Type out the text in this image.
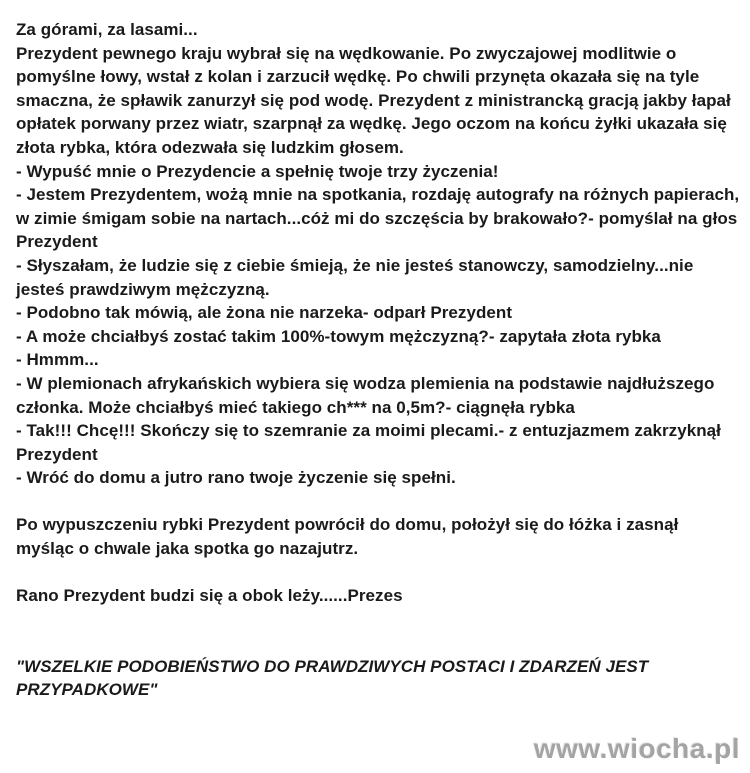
Za górami, za lasami...

Prezydent pewnego kraju wybrał się na wędkowanie. Po zwyczajowej modlitwie o pomyślne łowy, wstał z kolan i zarzucił wędkę. Po chwili przynęta okazała się na tyle smaczna, że spławik zanurzył się pod wodę. Prezydent z ministrancką gracją jakby łapał opłatek porwany przez wiatr, szarpnął za wędkę. Jego oczom na końcu żyłki ukazała się złota rybka, która odezwała się ludzkim głosem.

- Wypuść mnie o Prezydencie a spełnię twoje trzy życzenia!

- Jestem Prezydentem, wożą mnie na spotkania, rozdaję autografy na różnych papierach, w zimie śmigam sobie na nartach...cóż mi do szczęścia by brakowało?- pomyślał na głos Prezydent

- Słyszałam, że ludzie się z ciebie śmieją, że nie jesteś stanowczy, samodzielny...nie jesteś prawdziwym mężczyzną.

- Podobno tak mówią, ale żona nie narzeka- odparł Prezydent

- A może chciałbyś zostać takim 100%-towym mężczyzną?- zapytała złota rybka

- Hmmm...

- W plemionach afrykańskich wybiera się wodza plemienia na podstawie najdłuższego członka. Może chciałbyś mieć takiego ch*** na 0,5m?- ciągnęła rybka

- Tak!!! Chcę!!! Skończy się to szemranie za moimi plecami.- z entuzjazmem zakrzyknął Prezydent

- Wróć do domu a jutro rano twoje życzenie się spełni.

Po wypuszczeniu rybki Prezydent powrócił do domu, położył się do łóżka i zasnął myśląc o chwale jaka spotka go nazajutrz.

Rano Prezydent budzi się a obok leży......Prezes

"WSZELKIE PODOBIEŃSTWO DO PRAWDZIWYCH POSTACI I ZDARZEŃ JEST PRZYPADKOWE"

www.wiocha.pl
